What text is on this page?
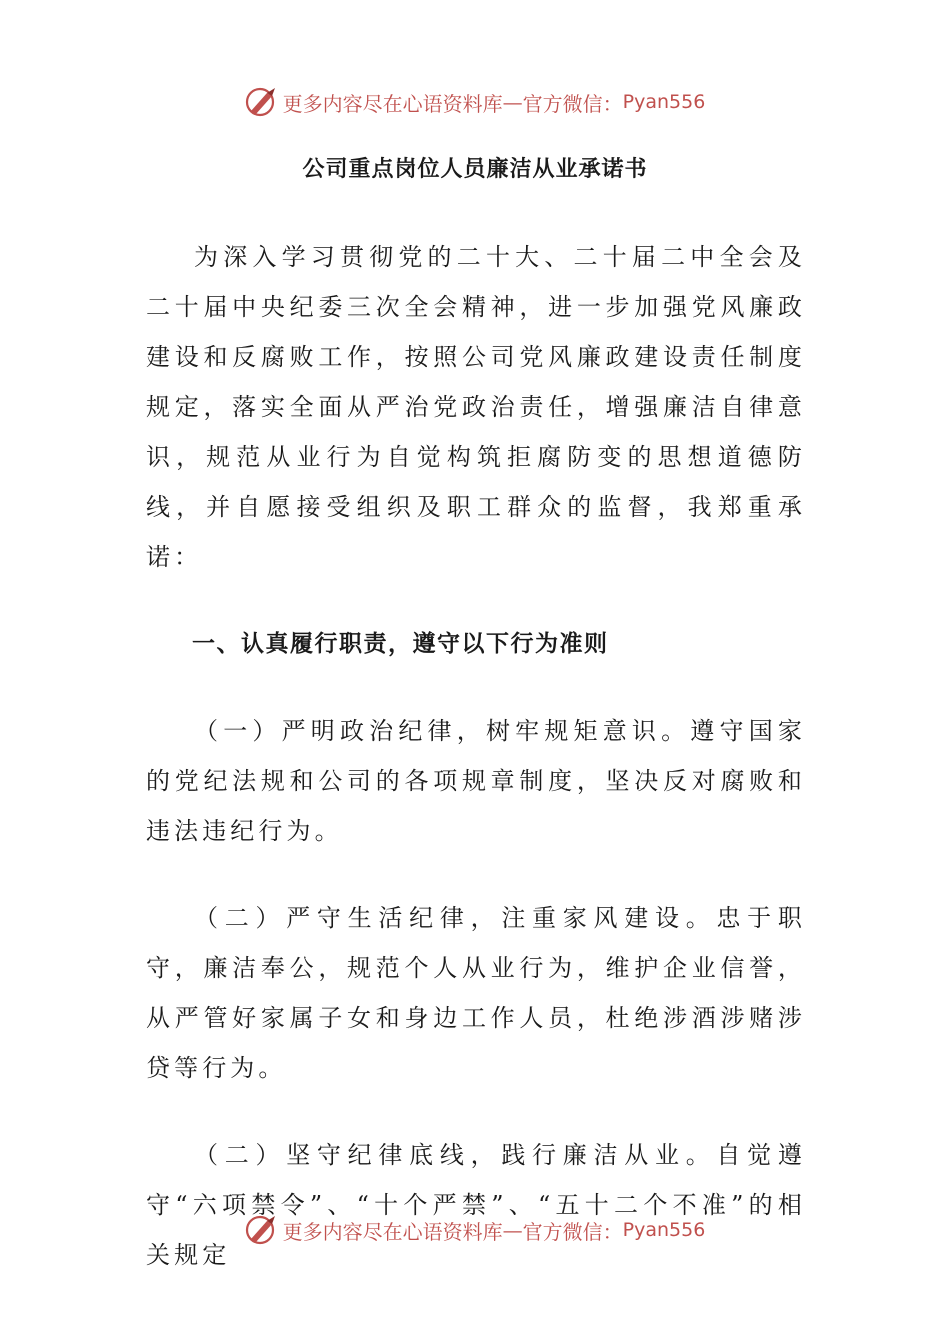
更多内容尽在心语资料库 — 官方微信： Pyan556
公司重点岗位人员廉洁从业承诺书

为深入学习贯彻党的二十大、二十届二中全会及二十届中央纪委三次全会精神，进一步加强党风廉政建设和反腐败工作，按照公司党风廉政建设责任制度规定，落实全面从严治党政治责任，增强廉洁自律意识，规范从业行为自觉构筑拒腐防变的思想道德防线，并自愿接受组织及职工群众的监督，我郑重承诺：

一、认真履行职责，遵守以下行为准则

（一）严明政治纪律，树牢规矩意识。遵守国家的党纪法规和公司的各项规章制度，坚决反对腐败和违法违纪行为。

（二）严守生活纪律，注重家风建设。忠于职守，廉洁奉公，规范个人从业行为，维护企业信誉，从严管好家属子女和身边工作人员，杜绝涉酒涉赌涉贷等行为。

（二）坚守纪律底线，践行廉洁从业。自觉遵守“六项禁令”、“十个严禁”、“五十二个不准”的相关规定

更多内容尽在心语资料库 — 官方微信： Pyan556
